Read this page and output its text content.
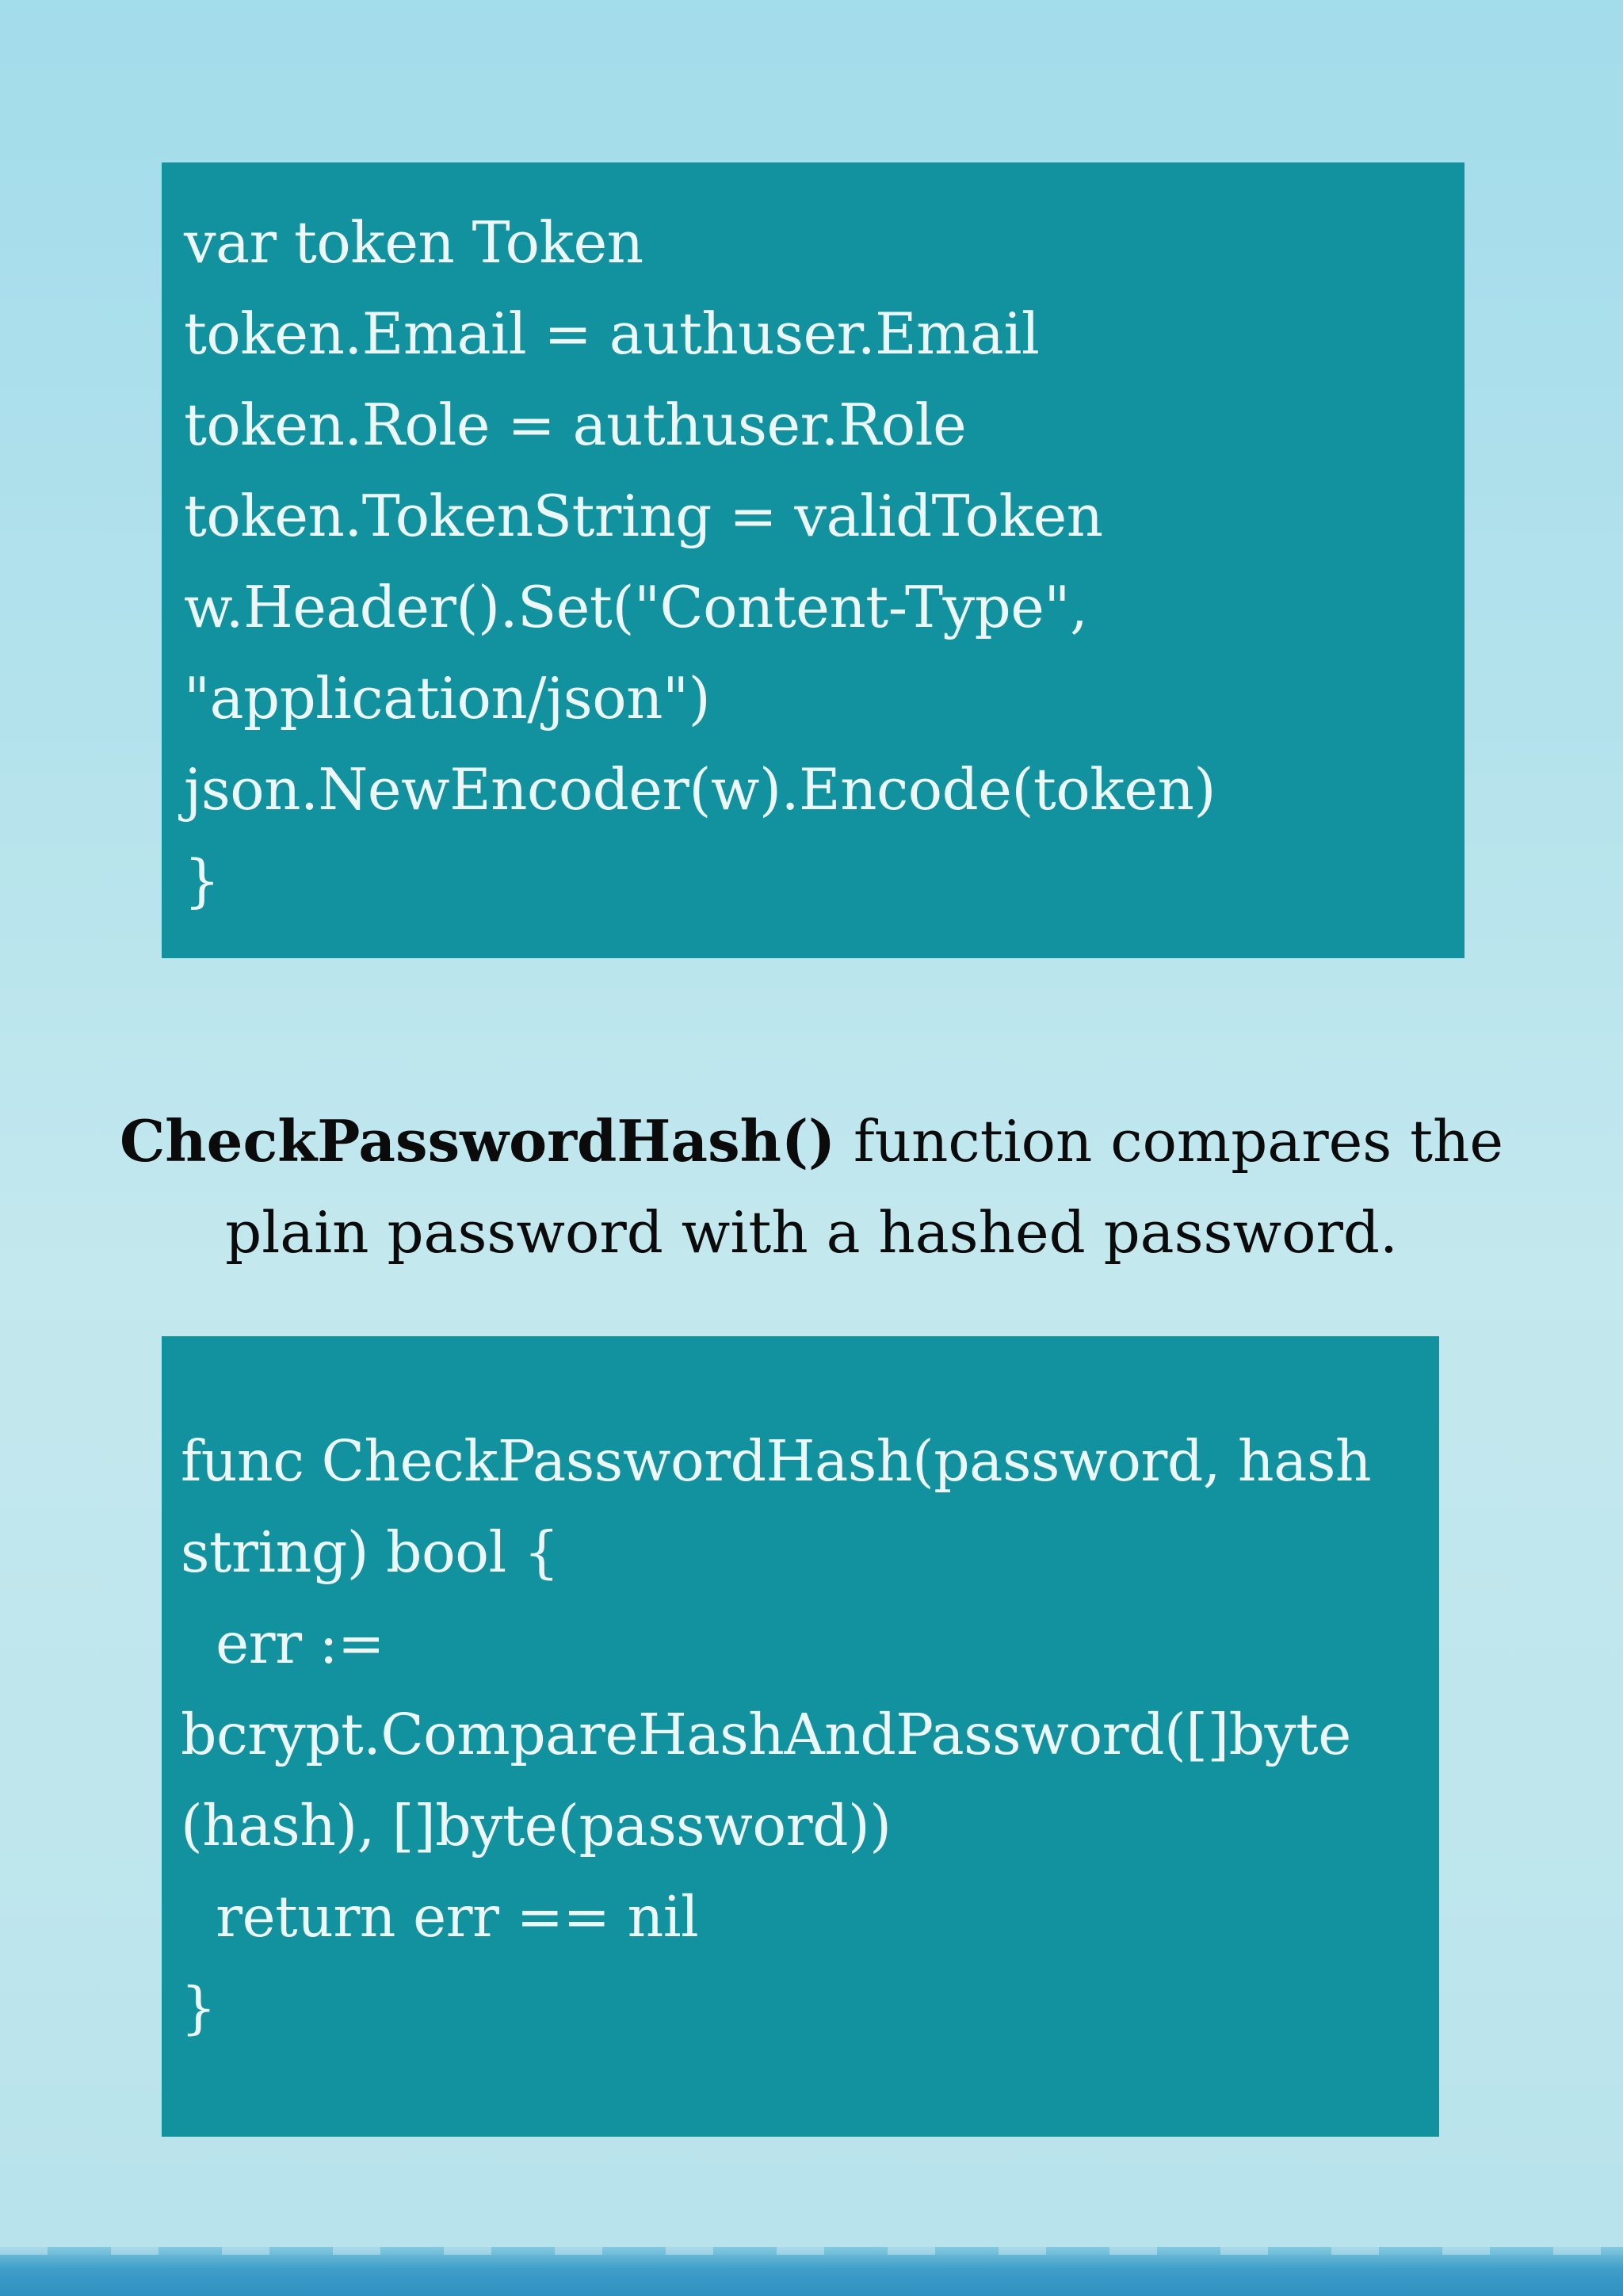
var token Token
token.Email = authuser.Email
token.Role = authuser.Role
token.TokenString = validToken
w.Header().Set("Content-Type",
"application/json")
json.NewEncoder(w).Encode(token)
}
CheckPasswordHash() function compares the
plain password with a hashed password.
func CheckPasswordHash(password, hash
string) bool {
err :=
bcrypt.CompareHashAndPassword([]byte
(hash), []byte(password))
return err == nil
}
